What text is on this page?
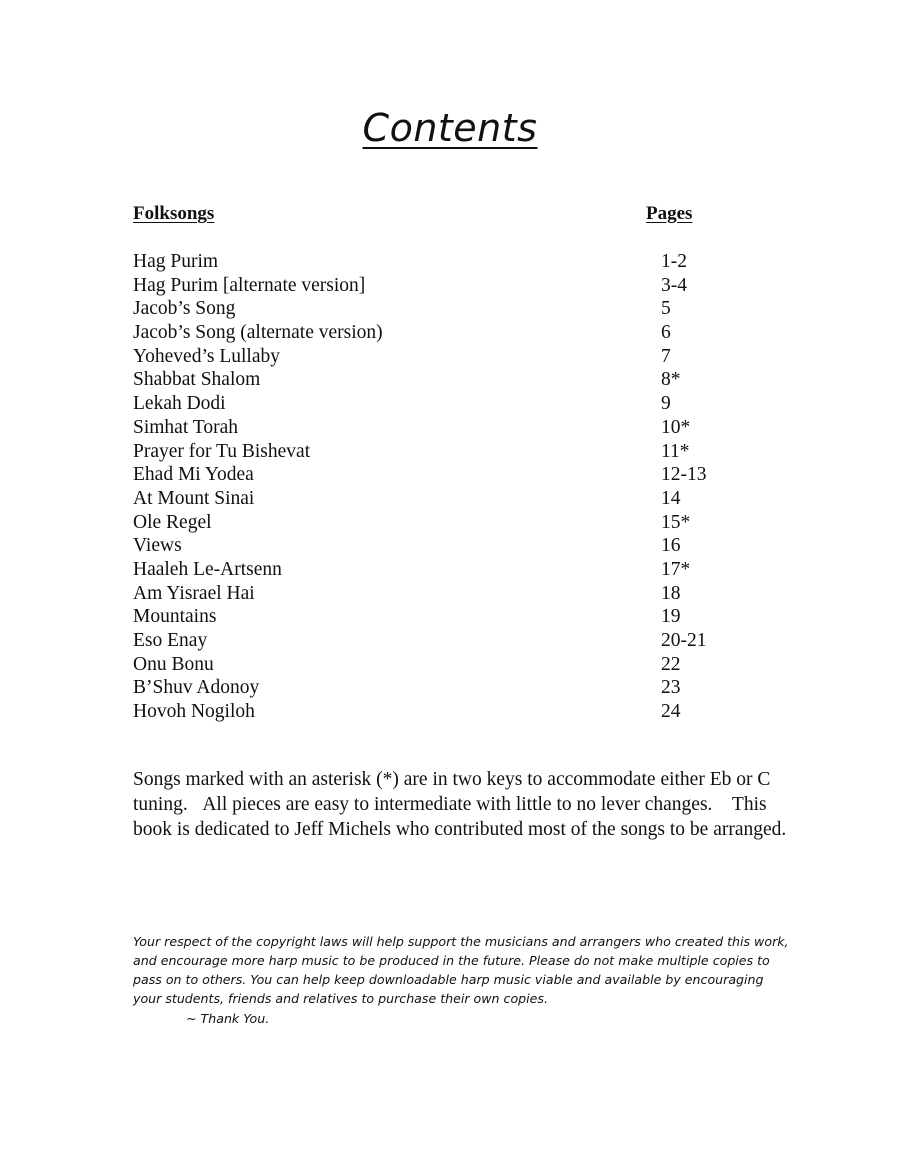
Contents
Folksongs	Pages
Hag Purim	1-2
Hag Purim [alternate version]	3-4
Jacob’s Song	5
Jacob’s Song (alternate version)	6
Yoheved’s Lullaby	7
Shabbat Shalom	8*
Lekah Dodi	9
Simhat Torah	10*
Prayer for Tu Bishevat	11*
Ehad Mi Yodea	12-13
At Mount Sinai	14
Ole Regel	15*
Views	16
Haaleh Le-Artsenn	17*
Am Yisrael Hai	18
Mountains	19
Eso Enay	20-21
Onu Bonu	22
B’Shuv Adonoy	23
Hovoh Nogiloh	24

Songs marked with an asterisk (*) are in two keys to accommodate either Eb or C tuning.   All pieces are easy to intermediate with little to no lever changes.    This book is dedicated to Jeff Michels who contributed most of the songs to be arranged.

Your respect of the copyright laws will help support the musicians and arrangers who created this work, and encourage more harp music to be produced in the future. Please do not make multiple copies to pass on to others. You can help keep downloadable harp music viable and available by encouraging your students, friends and relatives to purchase their own copies.

~ Thank You.
